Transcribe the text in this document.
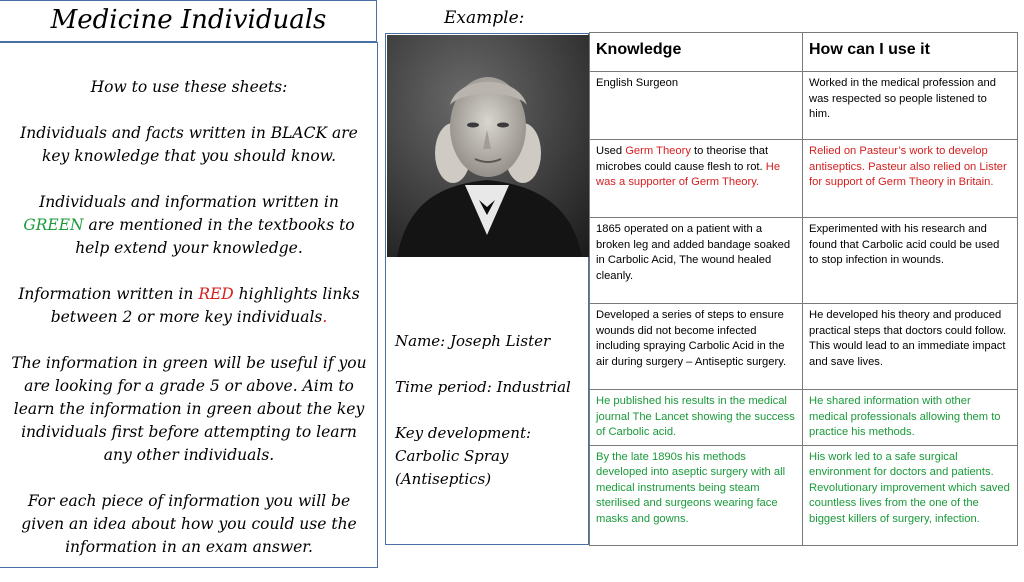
Medicine Individuals

How to use these sheets:

Individuals and facts written in BLACK are key knowledge that you should know.

Individuals and information written in GREEN are mentioned in the textbooks to help extend your knowledge.

Information written in RED highlights links between 2 or more key individuals.

The information in green will be useful if you are looking for a grade 5 or above. Aim to learn the information in green about the key individuals first before attempting to learn any other individuals.

For each piece of information you will be given an idea about how you could use the information in an exam answer.

Example:
Name: Joseph Lister
Time period: Industrial
Key development: Carbolic Spray (Antiseptics)
Knowledge	How can I use it
English Surgeon	Worked in the medical profession and was respected so people listened to him.
Used Germ Theory to theorise that microbes could cause flesh to rot. He was a supporter of Germ Theory.	Relied on Pasteur’s work to develop antiseptics. Pasteur also relied on Lister for support of Germ Theory in Britain.
1865 operated on a patient with a broken leg and added bandage soaked in Carbolic Acid, The wound healed cleanly.	Experimented with his research and found that Carbolic acid could be used to stop infection in wounds.
Developed a series of steps to ensure wounds did not become infected including spraying Carbolic Acid in the air during surgery – Antiseptic surgery.	He developed his theory and produced practical steps that doctors could follow. This would lead to an immediate impact and save lives.
He published his results in the medical journal The Lancet showing the success of Carbolic acid.	He shared information with other medical professionals allowing them to practice his methods.
By the late 1890s his methods developed into aseptic surgery with all medical instruments being steam sterilised and surgeons wearing face masks and gowns.	His work led to a safe surgical environment for doctors and patients. Revolutionary improvement which saved countless lives from the one of the biggest killers of surgery, infection.
